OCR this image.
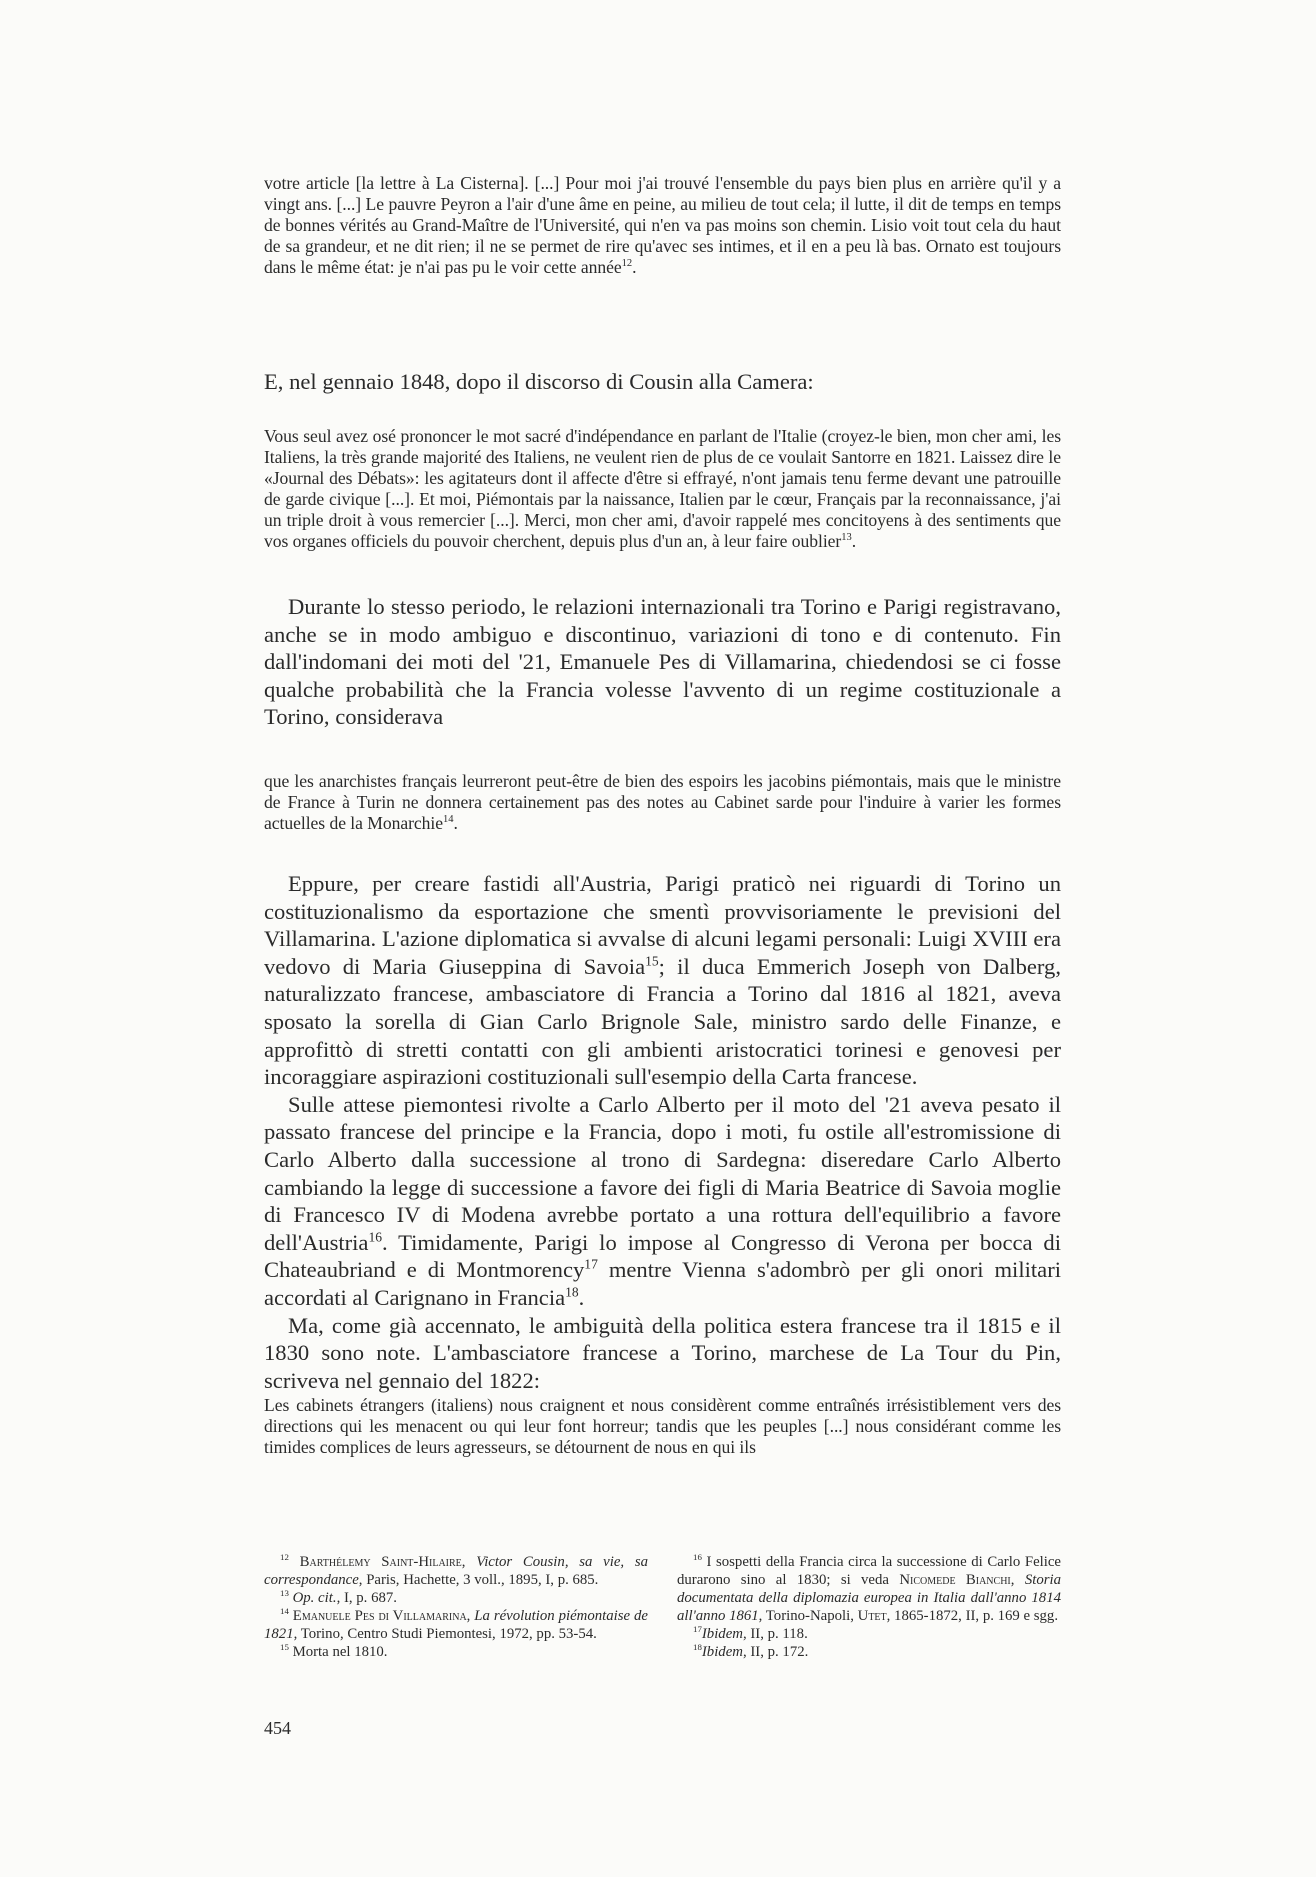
votre article [la lettre à La Cisterna]. [...] Pour moi j'ai trouvé l'ensemble du pays bien plus en arrière qu'il y a vingt ans. [...] Le pauvre Peyron a l'air d'une âme en peine, au milieu de tout cela; il lutte, il dit de temps en temps de bonnes vérités au Grand-Maître de l'Université, qui n'en va pas moins son chemin. Lisio voit tout cela du haut de sa grandeur, et ne dit rien; il ne se permet de rire qu'avec ses intimes, et il en a peu là bas. Ornato est toujours dans le même état: je n'ai pas pu le voir cette année$^{12}$.

E, nel gennaio 1848, dopo il discorso di Cousin alla Camera:

Vous seul avez osé prononcer le mot sacré d'indépendance en parlant de l'Italie (croyez-le bien, mon cher ami, les Italiens, la très grande majorité des Italiens, ne veulent rien de plus de ce voulait Santorre en 1821. Laissez dire le «Journal des Débats»: les agitateurs dont il affecte d'être si effrayé, n'ont jamais tenu ferme devant une patrouille de garde civique [...]. Et moi, Piémontais par la naissance, Italien par le cœur, Français par la reconnaissance, j'ai un triple droit à vous remercier [...]. Merci, mon cher ami, d'avoir rappelé mes concitoyens à des sentiments que vos organes officiels du pouvoir cherchent, depuis plus d'un an, à leur faire oublier$^{13}$.

Durante lo stesso periodo, le relazioni internazionali tra Torino e Parigi registravano, anche se in modo ambiguo e discontinuo, variazioni di tono e di contenuto. Fin dall'indomani dei moti del '21, Emanuele Pes di Villamarina, chiedendosi se ci fosse qualche probabilità che la Francia volesse l'avvento di un regime costituzionale a Torino, considerava

que les anarchistes français leurreront peut-être de bien des espoirs les jacobins piémontais, mais que le ministre de France à Turin ne donnera certainement pas des notes au Cabinet sarde pour l'induire à varier les formes actuelles de la Monarchie$^{14}$.

Eppure, per creare fastidi all'Austria, Parigi praticò nei riguardi di Torino un costituzionalismo da esportazione che smentì provvisoriamente le previsioni del Villamarina. L'azione diplomatica si avvalse di alcuni legami personali: Luigi XVIII era vedovo di Maria Giuseppina di Savoia$^{15}$; il duca Emmerich Joseph von Dalberg, naturalizzato francese, ambasciatore di Francia a Torino dal 1816 al 1821, aveva sposato la sorella di Gian Carlo Brignole Sale, ministro sardo delle Finanze, e approfittò di stretti contatti con gli ambienti aristocratici torinesi e genovesi per incoraggiare aspirazioni costituzionali sull'esempio della Carta francese.

Sulle attese piemontesi rivolte a Carlo Alberto per il moto del '21 aveva pesato il passato francese del principe e la Francia, dopo i moti, fu ostile all'estromissione di Carlo Alberto dalla successione al trono di Sardegna: diseredare Carlo Alberto cambiando la legge di successione a favore dei figli di Maria Beatrice di Savoia moglie di Francesco IV di Modena avrebbe portato a una rottura dell'equilibrio a favore dell'Austria$^{16}$. Timidamente, Parigi lo impose al Congresso di Verona per bocca di Chateaubriand e di Montmorency$^{17}$ mentre Vienna s'adombrò per gli onori militari accordati al Carignano in Francia$^{18}$.

Ma, come già accennato, le ambiguità della politica estera francese tra il 1815 e il 1830 sono note. L'ambasciatore francese a Torino, marchese de La Tour du Pin, scriveva nel gennaio del 1822:

Les cabinets étrangers (italiens) nous craignent et nous considèrent comme entraînés irrésistiblement vers des directions qui les menacent ou qui leur font horreur; tandis que les peuples [...] nous considérant comme les timides complices de leurs agresseurs, se détournent de nous en qui ils

$^{12}$ Barthélemy Saint-Hilaire, Victor Cousin, sa vie, sa correspondance, Paris, Hachette, 3 voll., 1895, I, p. 685.

$^{13}$ Op. cit., I, p. 687.

$^{14}$ Emanuele Pes di Villamarina, La révolution piémontaise de 1821, Torino, Centro Studi Piemontesi, 1972, pp. 53-54.

$^{15}$ Morta nel 1810.

$^{16}$ I sospetti della Francia circa la successione di Carlo Felice durarono sino al 1830; si veda Nicomede Bianchi, Storia documentata della diplomazia europea in Italia dall'anno 1814 all'anno 1861, Torino-Napoli, Utet, 1865-1872, II, p. 169 e sgg.

$^{17}$Ibidem, II, p. 118.

$^{18}$Ibidem, II, p. 172.

454
